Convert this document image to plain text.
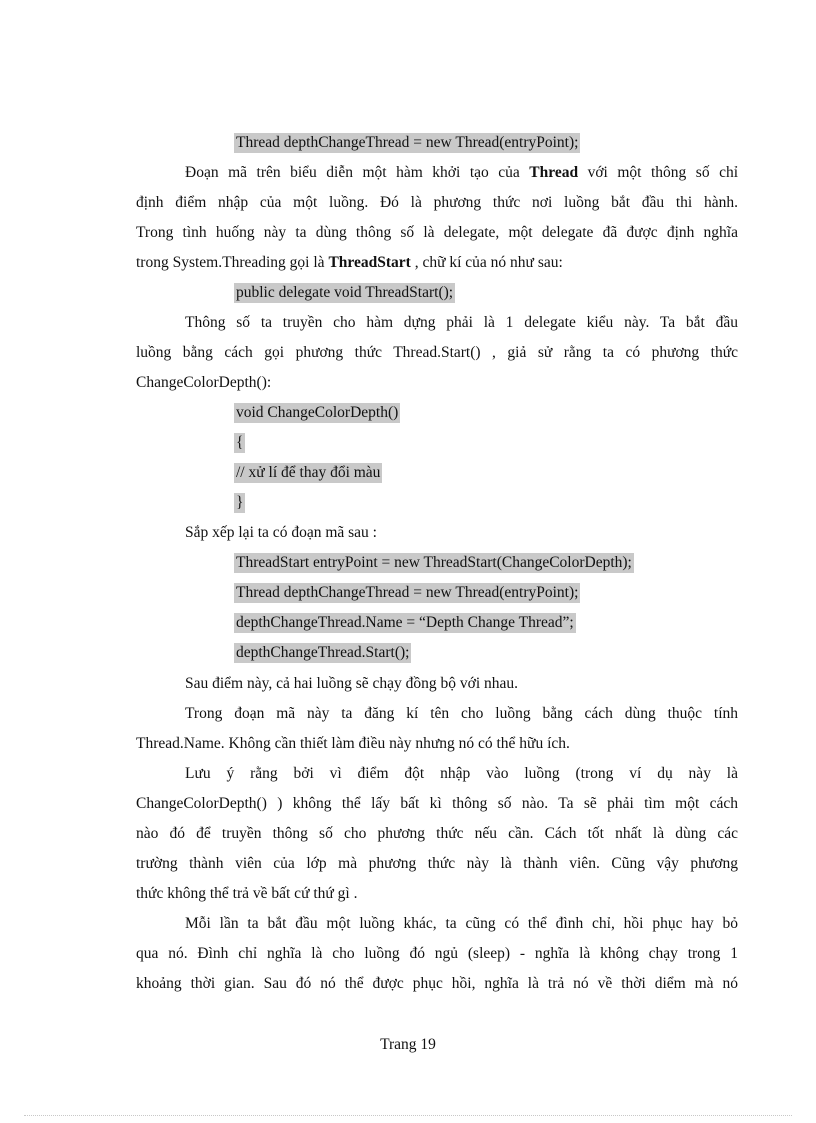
Thread depthChangeThread = new Thread(entryPoint);

Đoạn mã trên biểu diễn một hàm khởi tạo của Thread với một thông số chỉ

định điểm nhập của một luồng. Đó là phương thức nơi luồng bắt đầu thi hành.

Trong tình huống này ta dùng thông số là delegate, một delegate đã được định nghĩa

trong System.Threading gọi là ThreadStart , chữ kí của nó như sau:

public delegate void ThreadStart();

Thông số ta truyền cho hàm dựng phải là 1 delegate kiểu này. Ta bắt đầu

luồng bằng cách gọi phương thức Thread.Start() , giả sử rằng ta có phương thức

ChangeColorDepth():

void ChangeColorDepth()

{

// xử lí để thay đổi màu

}

Sắp xếp lại ta có đoạn mã sau :

ThreadStart entryPoint = new ThreadStart(ChangeColorDepth);

Thread depthChangeThread = new Thread(entryPoint);

depthChangeThread.Name = “Depth Change Thread”;

depthChangeThread.Start();

Sau điểm này, cả hai luồng sẽ chạy đồng bộ với nhau.

Trong đoạn mã này ta đăng kí tên cho luồng bằng cách dùng thuộc tính

Thread.Name. Không cần thiết làm điều này nhưng nó có thể hữu ích.

Lưu ý rằng bởi vì điểm đột nhập vào luồng (trong ví dụ này là

ChangeColorDepth() ) không thể lấy bất kì thông số nào. Ta sẽ phải tìm một cách

nào đó để truyền thông số cho phương thức nếu cần. Cách tốt nhất là dùng các

trường thành viên của lớp mà phương thức này là thành viên. Cũng vậy phương

thức không thể trả về bất cứ thứ gì .

Mỗi lần ta bắt đầu một luồng khác, ta cũng có thể đình chỉ, hồi phục hay bỏ

qua nó. Đình chỉ nghĩa là cho luồng đó ngủ (sleep) - nghĩa là không chạy trong 1

khoảng thời gian. Sau đó nó thể được phục hồi, nghĩa là trả nó về thời diểm mà nó

Trang 19
